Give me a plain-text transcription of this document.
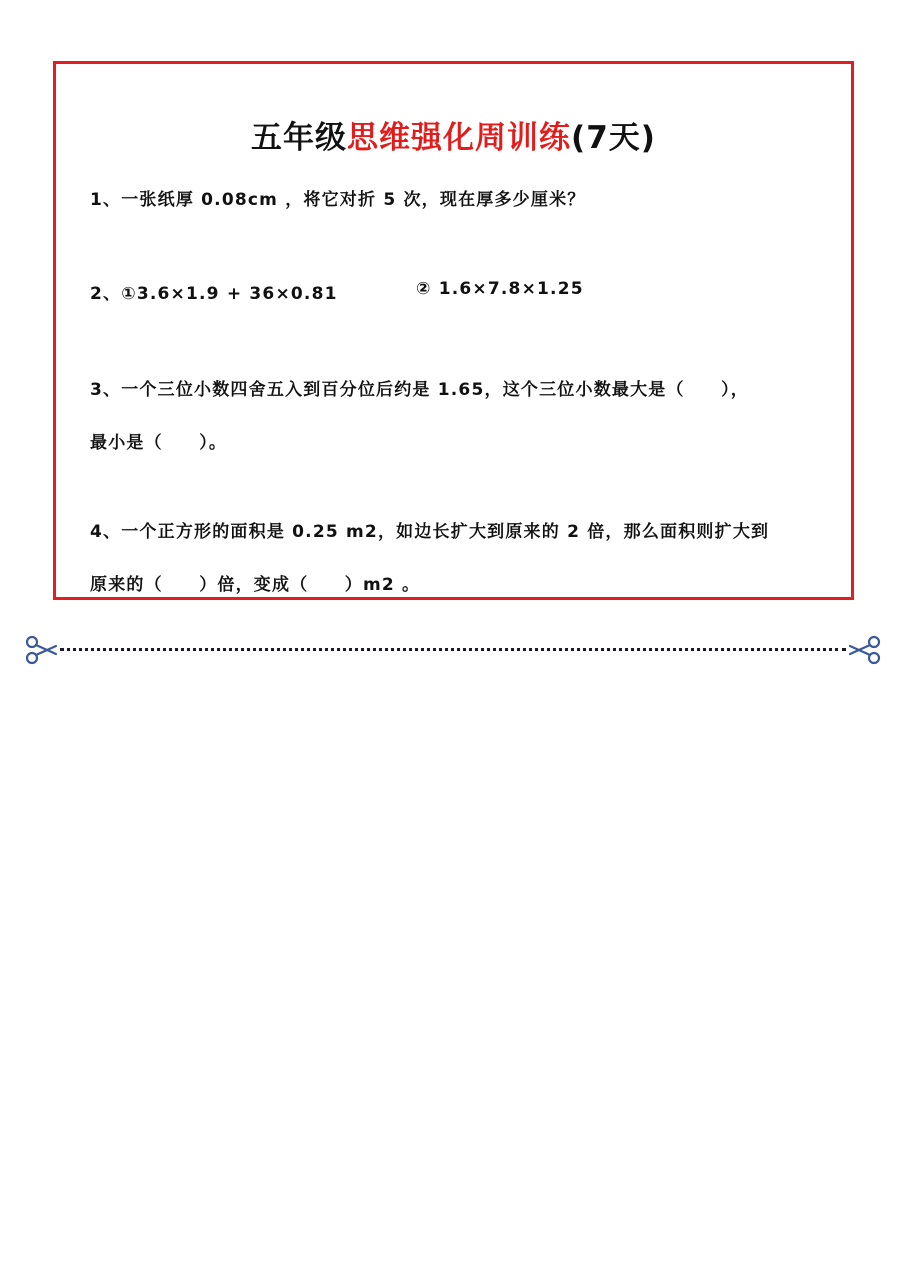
五年级思维强化周训练(7天)
1、一张纸厚 0.08cm ，将它对折 5 次，现在厚多少厘米？
2、①3.6×1.9 + 36×0.81	② 1.6×7.8×1.25
3、一个三位小数四舍五入到百分位后约是 1.65，这个三位小数最大是（　　），
最小是（　　）。
4、一个正方形的面积是 0.25 m2，如边长扩大到原来的 2 倍，那么面积则扩大到
原来的（　　）倍，变成（　　）m2 。
